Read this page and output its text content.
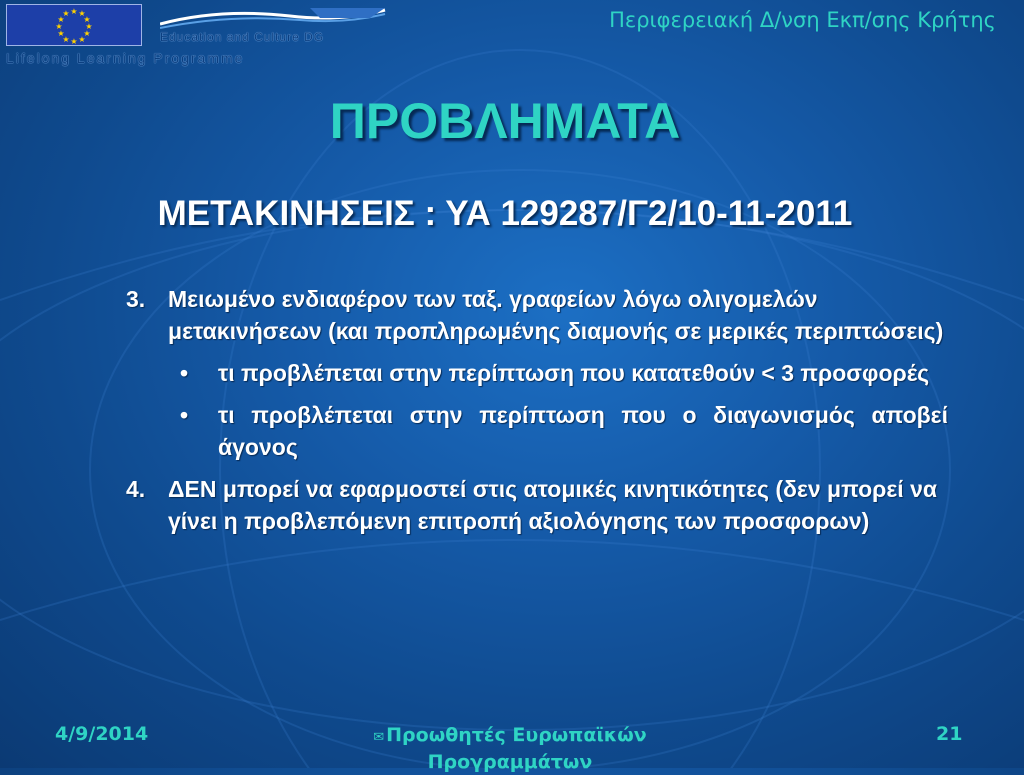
★ ★
★
★
★
★
★
★
★
★
★
★
Education and Culture DG
Lifelong Learning Programme
Περιφερειακή Δ/νση Εκπ/σης Κρήτης
ΠΡΟΒΛΗΜΑΤΑ
ΜΕΤΑΚΙΝΗΣΕΙΣ : ΥΑ 129287/Γ2/10-11-2011
3. Μειωμένο ενδιαφέρον των ταξ. γραφείων λόγω ολιγομελών μετακινήσεων (και προπληρωμένης διαμονής σε μερικές περιπτώσεις)
• τι προβλέπεται στην περίπτωση που κατατεθούν < 3 προσφορές
• τι προβλέπεται στην περίπτωση που ο διαγωνισμός αποβεί άγονος
4. ΔΕΝ μπορεί να εφαρμοστεί στις ατομικές κινητικότητες (δεν μπορεί να γίνει η προβλεπόμενη επιτροπή αξιολόγησης των προσφορων)
4/9/2014	✉ Προωθητές Ευρωπαϊκών Προγραμμάτων
21
